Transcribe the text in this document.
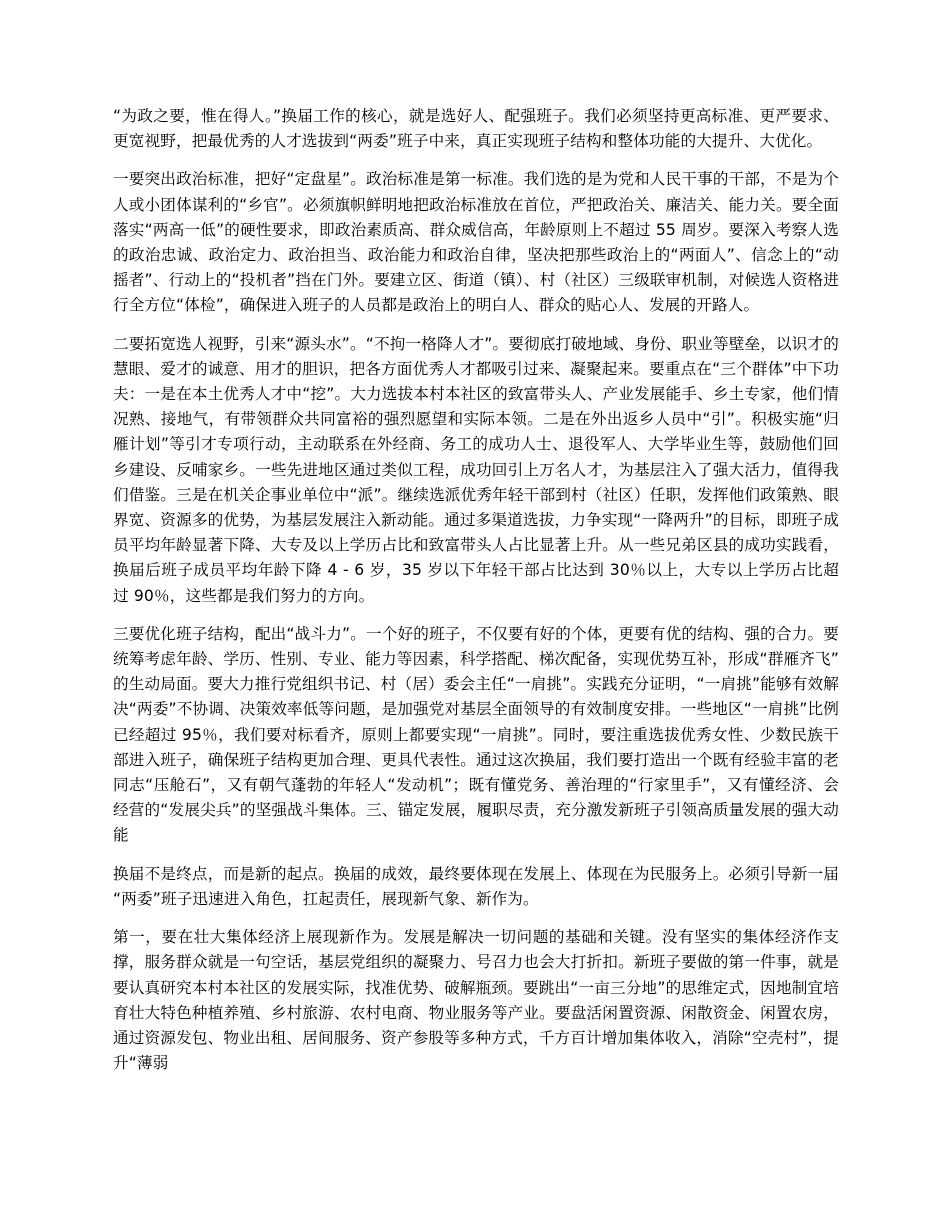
“为政之要，惟在得人。”换届工作的核心，就是选好人、配强班子。我们必须坚持更高标准、更严要求、更宽视野，把最优秀的人才选拔到“两委”班子中来，真正实现班子结构和整体功能的大提升、大优化。

一要突出政治标准，把好“定盘星”。政治标准是第一标准。我们选的是为党和人民干事的干部，不是为个人或小团体谋利的“乡官”。必须旗帜鲜明地把政治标准放在首位，严把政治关、廉洁关、能力关。要全面落实“两高一低”的硬性要求，即政治素质高、群众威信高，年龄原则上不超过 55 周岁。要深入考察人选的政治忠诚、政治定力、政治担当、政治能力和政治自律，坚决把那些政治上的“两面人”、信念上的“动摇者”、行动上的“投机者”挡在门外。要建立区、街道（镇）、村（社区）三级联审机制，对候选人资格进行全方位“体检”，确保进入班子的人员都是政治上的明白人、群众的贴心人、发展的开路人。

二要拓宽选人视野，引来“源头水”。“不拘一格降人才”。要彻底打破地域、身份、职业等壁垒，以识才的慧眼、爱才的诚意、用才的胆识，把各方面优秀人才都吸引过来、凝聚起来。要重点在“三个群体”中下功夫：一是在本土优秀人才中“挖”。大力选拔本村本社区的致富带头人、产业发展能手、乡土专家，他们情况熟、接地气，有带领群众共同富裕的强烈愿望和实际本领。二是在外出返乡人员中“引”。积极实施“归雁计划”等引才专项行动，主动联系在外经商、务工的成功人士、退役军人、大学毕业生等，鼓励他们回乡建设、反哺家乡。一些先进地区通过类似工程，成功回引上万名人才，为基层注入了强大活力，值得我们借鉴。三是在机关企事业单位中“派”。继续选派优秀年轻干部到村（社区）任职，发挥他们政策熟、眼界宽、资源多的优势，为基层发展注入新动能。通过多渠道选拔，力争实现“一降两升”的目标，即班子成员平均年龄显著下降、大专及以上学历占比和致富带头人占比显著上升。从一些兄弟区县的成功实践看，换届后班子成员平均年龄下降 4 - 6 岁，35 岁以下年轻干部占比达到 30％以上，大专以上学历占比超过 90％，这些都是我们努力的方向。

三要优化班子结构，配出“战斗力”。一个好的班子，不仅要有好的个体，更要有优的结构、强的合力。要统筹考虑年龄、学历、性别、专业、能力等因素，科学搭配、梯次配备，实现优势互补，形成“群雁齐飞”的生动局面。要大力推行党组织书记、村（居）委会主任“一肩挑”。实践充分证明，“一肩挑”能够有效解决“两委”不协调、决策效率低等问题，是加强党对基层全面领导的有效制度安排。一些地区“一肩挑”比例已经超过 95％，我们要对标看齐，原则上都要实现“一肩挑”。同时，要注重选拔优秀女性、少数民族干部进入班子，确保班子结构更加合理、更具代表性。通过这次换届，我们要打造出一个既有经验丰富的老同志“压舱石”，又有朝气蓬勃的年轻人“发动机”；既有懂党务、善治理的“行家里手”，又有懂经济、会经营的“发展尖兵”的坚强战斗集体。三、锚定发展，履职尽责，充分激发新班子引领高质量发展的强大动能

换届不是终点，而是新的起点。换届的成效，最终要体现在发展上、体现在为民服务上。必须引导新一届“两委”班子迅速进入角色，扛起责任，展现新气象、新作为。

第一，要在壮大集体经济上展现新作为。发展是解决一切问题的基础和关键。没有坚实的集体经济作支撑，服务群众就是一句空话，基层党组织的凝聚力、号召力也会大打折扣。新班子要做的第一件事，就是要认真研究本村本社区的发展实际，找准优势、破解瓶颈。要跳出“一亩三分地”的思维定式，因地制宜培育壮大特色种植养殖、乡村旅游、农村电商、物业服务等产业。要盘活闲置资源、闲散资金、闲置农房，通过资源发包、物业出租、居间服务、资产参股等多种方式，千方百计增加集体收入，消除“空壳村”，提升“薄弱
